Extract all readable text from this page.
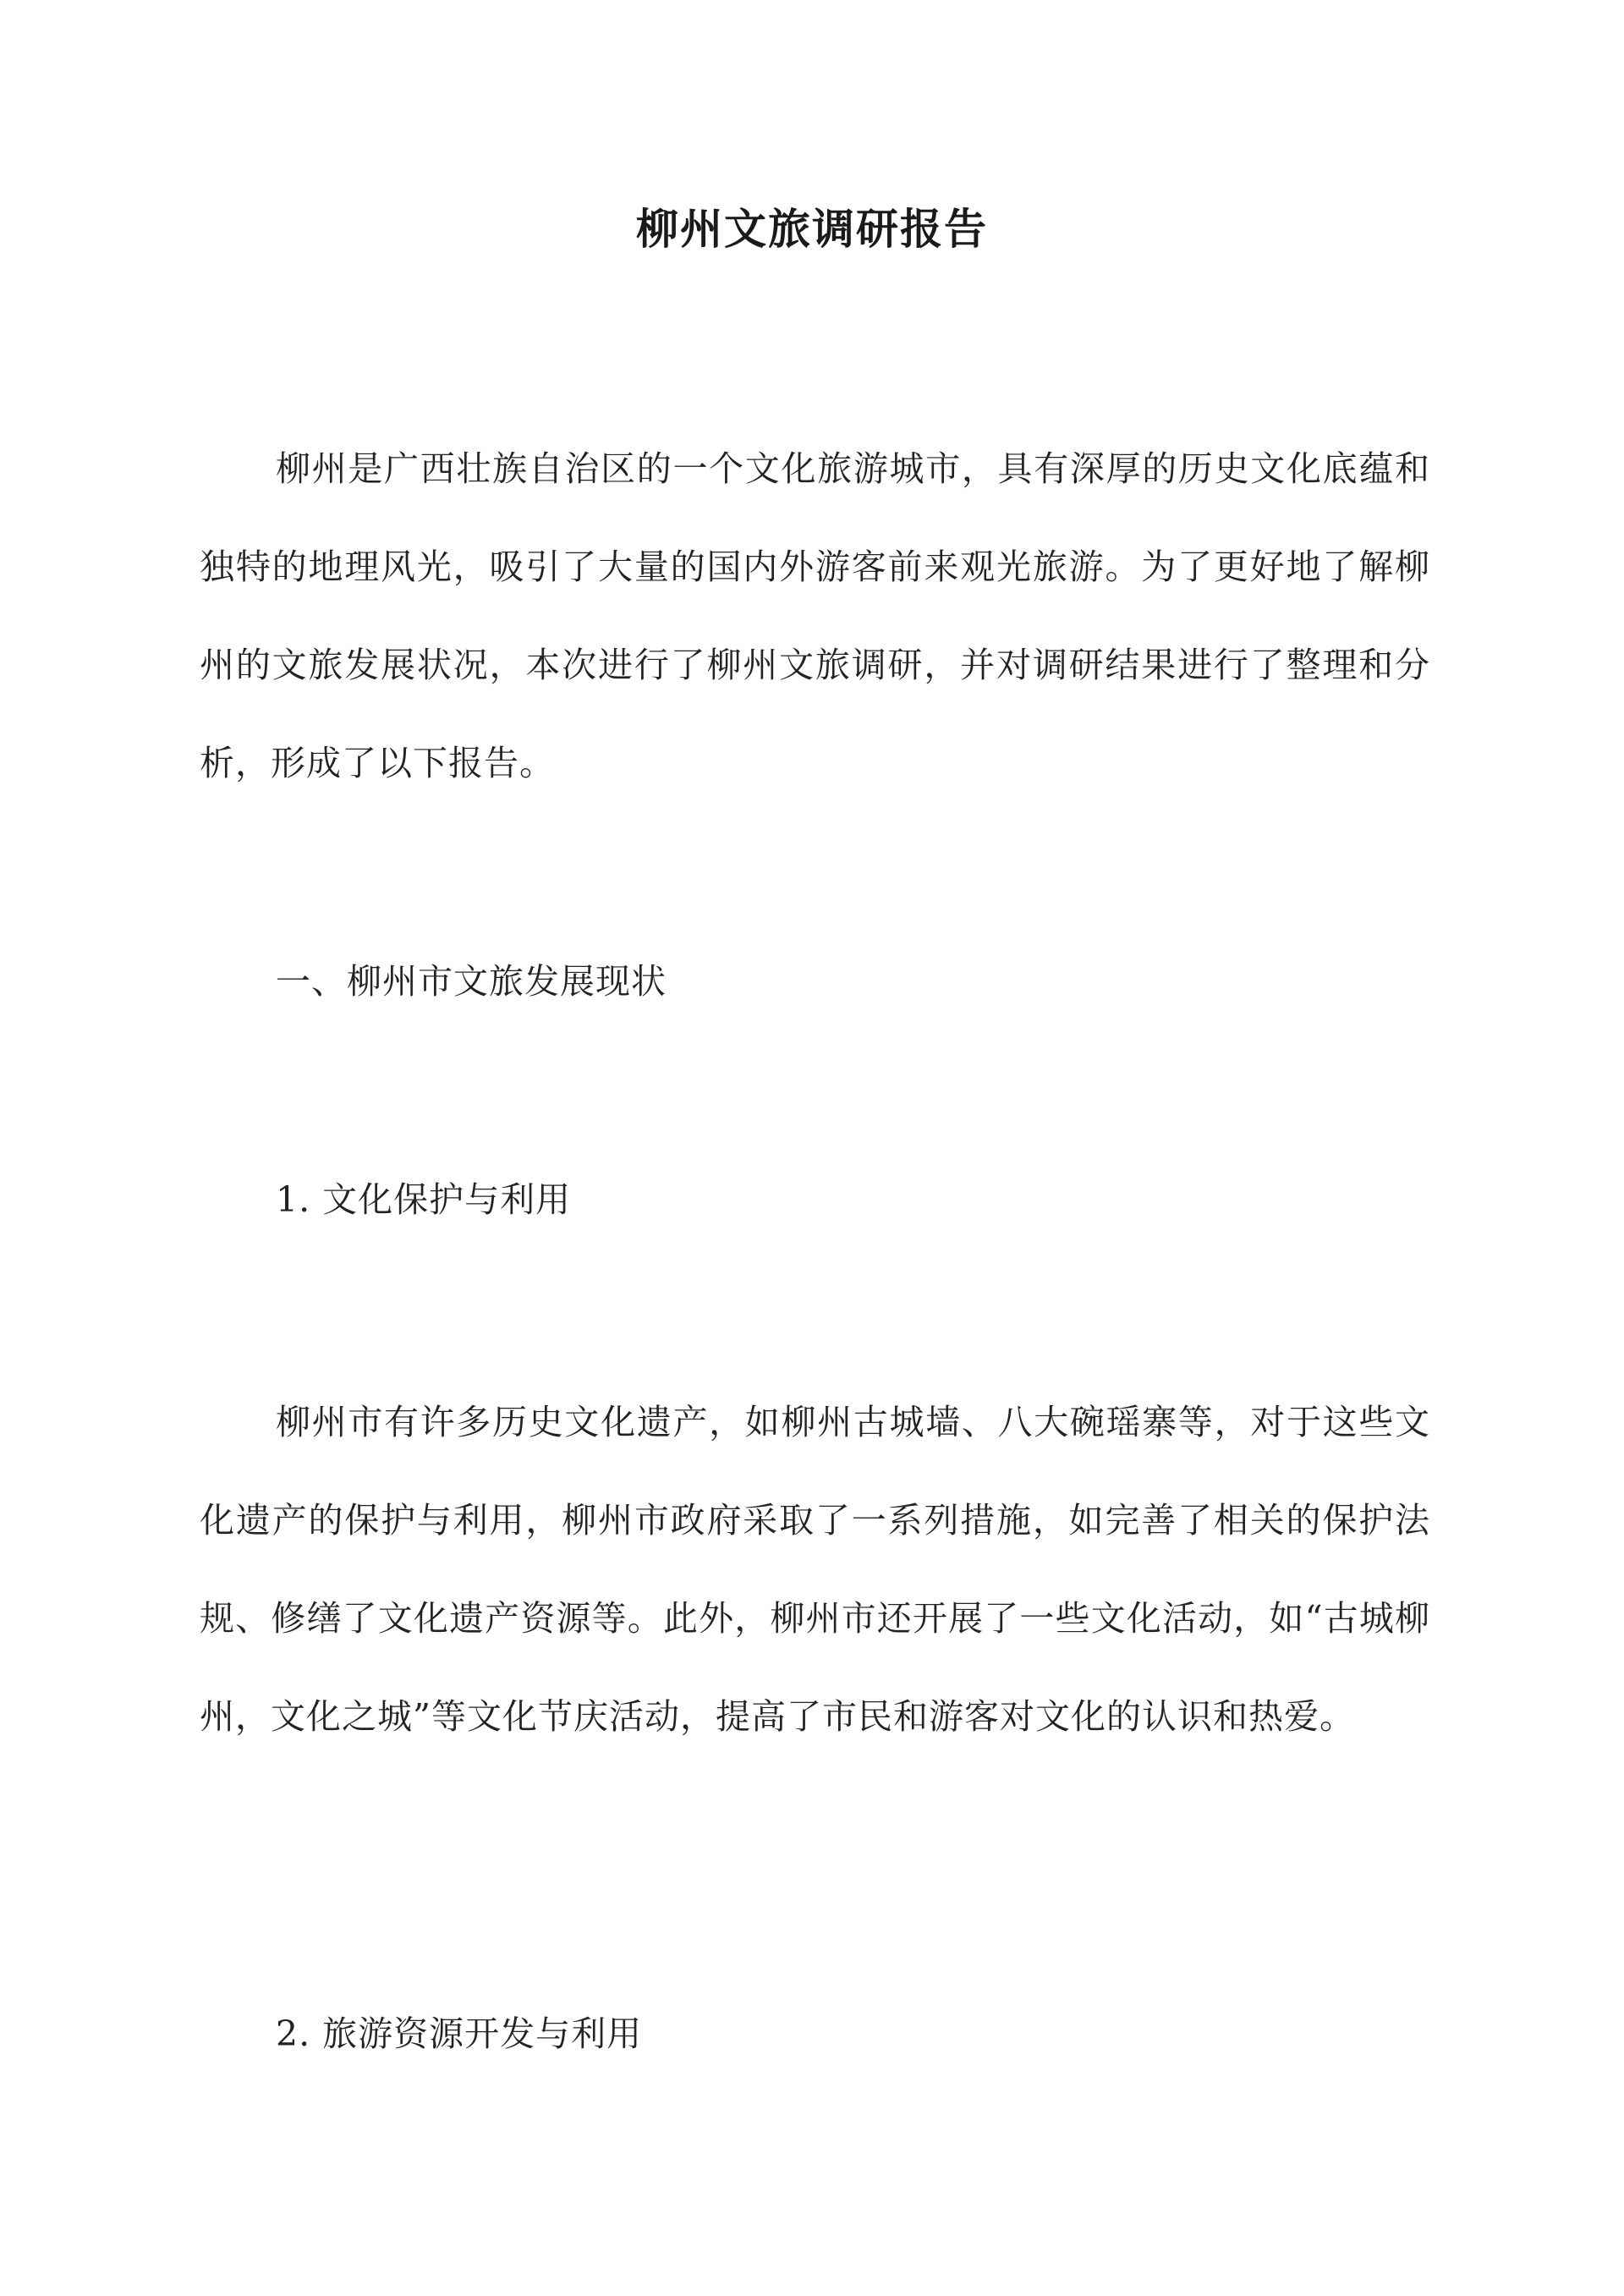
柳州文旅调研报告

柳州是广西壮族自治区的一个文化旅游城市，具有深厚的历史文化底蕴和独特的地理风光，吸引了大量的国内外游客前来观光旅游。为了更好地了解柳州的文旅发展状况，本次进行了柳州文旅调研，并对调研结果进行了整理和分析，形成了以下报告。

一、柳州市文旅发展现状
1. 文化保护与利用

柳州市有许多历史文化遗产，如柳州古城墙、八大碗瑶寨等，对于这些文化遗产的保护与利用，柳州市政府采取了一系列措施，如完善了相关的保护法规、修缮了文化遗产资源等。此外，柳州市还开展了一些文化活动，如“古城柳州，文化之城”等文化节庆活动，提高了市民和游客对文化的认识和热爱。

2. 旅游资源开发与利用
